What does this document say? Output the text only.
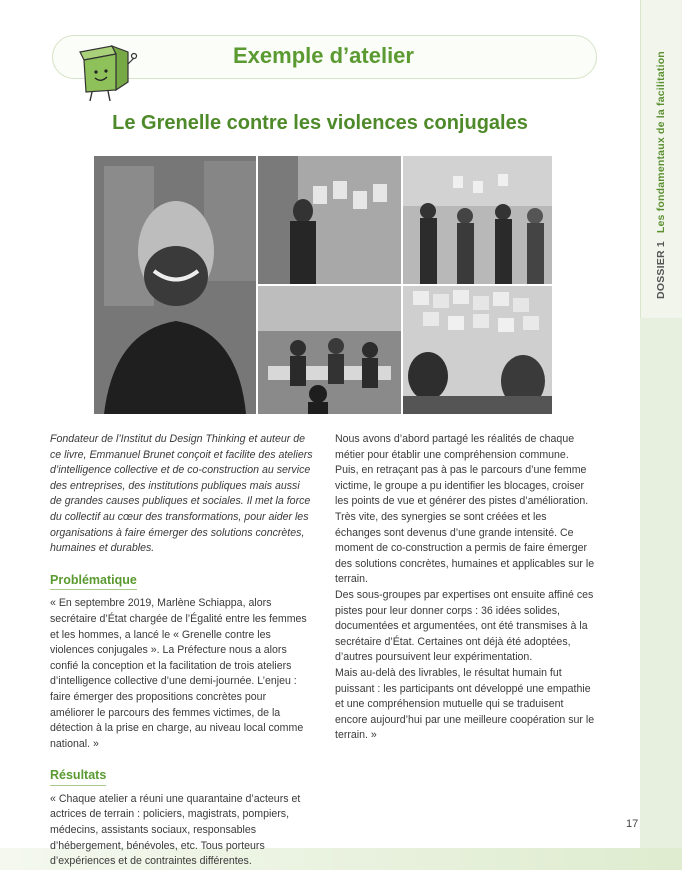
DOSSIER 1Les fondamentaux de la facilitation
Exemple d’atelier
Le Grenelle contre les violences conjugales

Fondateur de l’Institut du Design Thinking et auteur de ce livre, Emmanuel Brunet conçoit et facilite des ateliers d’intelligence collective et de co-construction au service des entreprises, des institutions publiques mais aussi de grandes causes publiques et sociales. Il met la force du collectif au cœur des transformations, pour aider les organisations à faire émerger des solutions concrètes, humaines et durables.

Problématique

« En septembre 2019, Marlène Schiappa, alors secrétaire d’État chargée de l’Égalité entre les femmes et les hommes, a lancé le « Grenelle contre les violences conjugales ». La Préfecture nous a alors confié la conception et la facilitation de trois ateliers d’intelligence collective d’une demi-journée. L’enjeu : faire émerger des propositions concrètes pour améliorer le parcours des femmes victimes, de la détection à la prise en charge, au niveau local comme national. »

Résultats

« Chaque atelier a réuni une quarantaine d’acteurs et actrices de terrain : policiers, magistrats, pompiers, médecins, assistants sociaux, responsables d’hébergement, bénévoles, etc. Tous porteurs d’expériences et de contraintes différentes.

Nous avons d’abord partagé les réalités de chaque métier pour établir une compréhension commune. Puis, en retraçant pas à pas le parcours d’une femme victime, le groupe a pu identifier les blocages, croiser les points de vue et générer des pistes d’amélioration. Très vite, des synergies se sont créées et les échanges sont devenus d’une grande intensité. Ce moment de co-construction a permis de faire émerger des solutions concrètes, humaines et applicables sur le terrain.

Des sous-groupes par expertises ont ensuite affiné ces pistes pour leur donner corps : 36 idées solides, documentées et argumentées, ont été transmises à la secrétaire d’État. Certaines ont déjà été adoptées, d’autres poursuivent leur expérimentation.

Mais au-delà des livrables, le résultat humain fut puissant : les participants ont développé une empathie et une compréhension mutuelle qui se traduisent encore aujourd’hui par une meilleure coopération sur le terrain. »

17
